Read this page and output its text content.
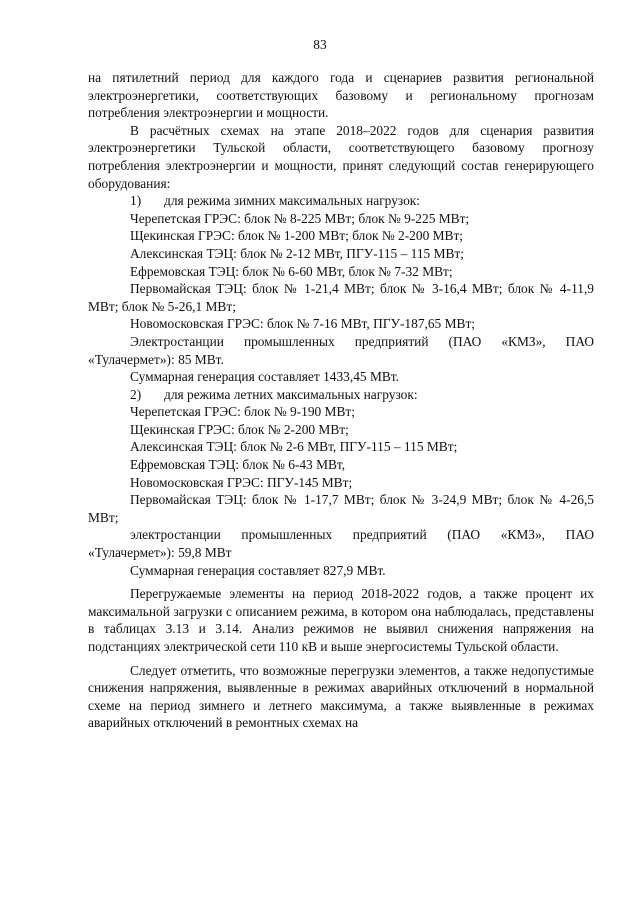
83

на пятилетний период для каждого года и сценариев развития региональной электроэнергетики, соответствующих базовому и региональному прогнозам потребления электроэнергии и мощности.

В расчётных схемах на этапе 2018–2022 годов для сценария развития электроэнергетики Тульской области, соответствующего базовому прогнозу потребления электроэнергии и мощности, принят следующий состав генерирующего оборудования:

1)	для режима зимних максимальных нагрузок:

Черепетская ГРЭС: блок № 8-225 МВт; блок № 9-225 МВт;

Щекинская ГРЭС: блок № 1-200 МВт; блок № 2-200 МВт;

Алексинская ТЭЦ: блок № 2-12 МВт, ПГУ-115 – 115 МВт;

Ефремовская ТЭЦ: блок № 6-60 МВт, блок № 7-32 МВт;

Первомайская ТЭЦ: блок № 1-21,4 МВт; блок № 3-16,4 МВт; блок № 4-11,9 МВт; блок № 5-26,1 МВт;

Новомосковская ГРЭС: блок № 7-16 МВт, ПГУ-187,65 МВт;

Электростанции промышленных предприятий (ПАО «КМЗ», ПАО «Тулачермет»): 85 МВт.

Суммарная генерация составляет 1433,45 МВт.

2)	для режима летних максимальных нагрузок:

Черепетская ГРЭС: блок № 9-190 МВт;

Щекинская ГРЭС: блок № 2-200 МВт;

Алексинская ТЭЦ: блок № 2-6 МВт, ПГУ-115 – 115 МВт;

Ефремовская ТЭЦ: блок № 6-43 МВт,

Новомосковская ГРЭС: ПГУ-145 МВт;

Первомайская ТЭЦ: блок № 1-17,7 МВт; блок № 3-24,9 МВт; блок № 4-26,5 МВт;

электростанции промышленных предприятий (ПАО «КМЗ», ПАО «Тулачермет»): 59,8 МВт

Суммарная генерация составляет 827,9 МВт.

Перегружаемые элементы на период 2018-2022 годов, а также процент их максимальной загрузки с описанием режима, в котором она наблюдалась, представлены в таблицах 3.13 и 3.14. Анализ режимов не выявил снижения напряжения на подстанциях электрической сети 110 кВ и выше энергосистемы Тульской области.

Следует отметить, что возможные перегрузки элементов, а также недопустимые снижения напряжения, выявленные в режимах аварийных отключений в нормальной схеме на период зимнего и летнего максимума, а также выявленные в режимах аварийных отключений в ремонтных схемах на
